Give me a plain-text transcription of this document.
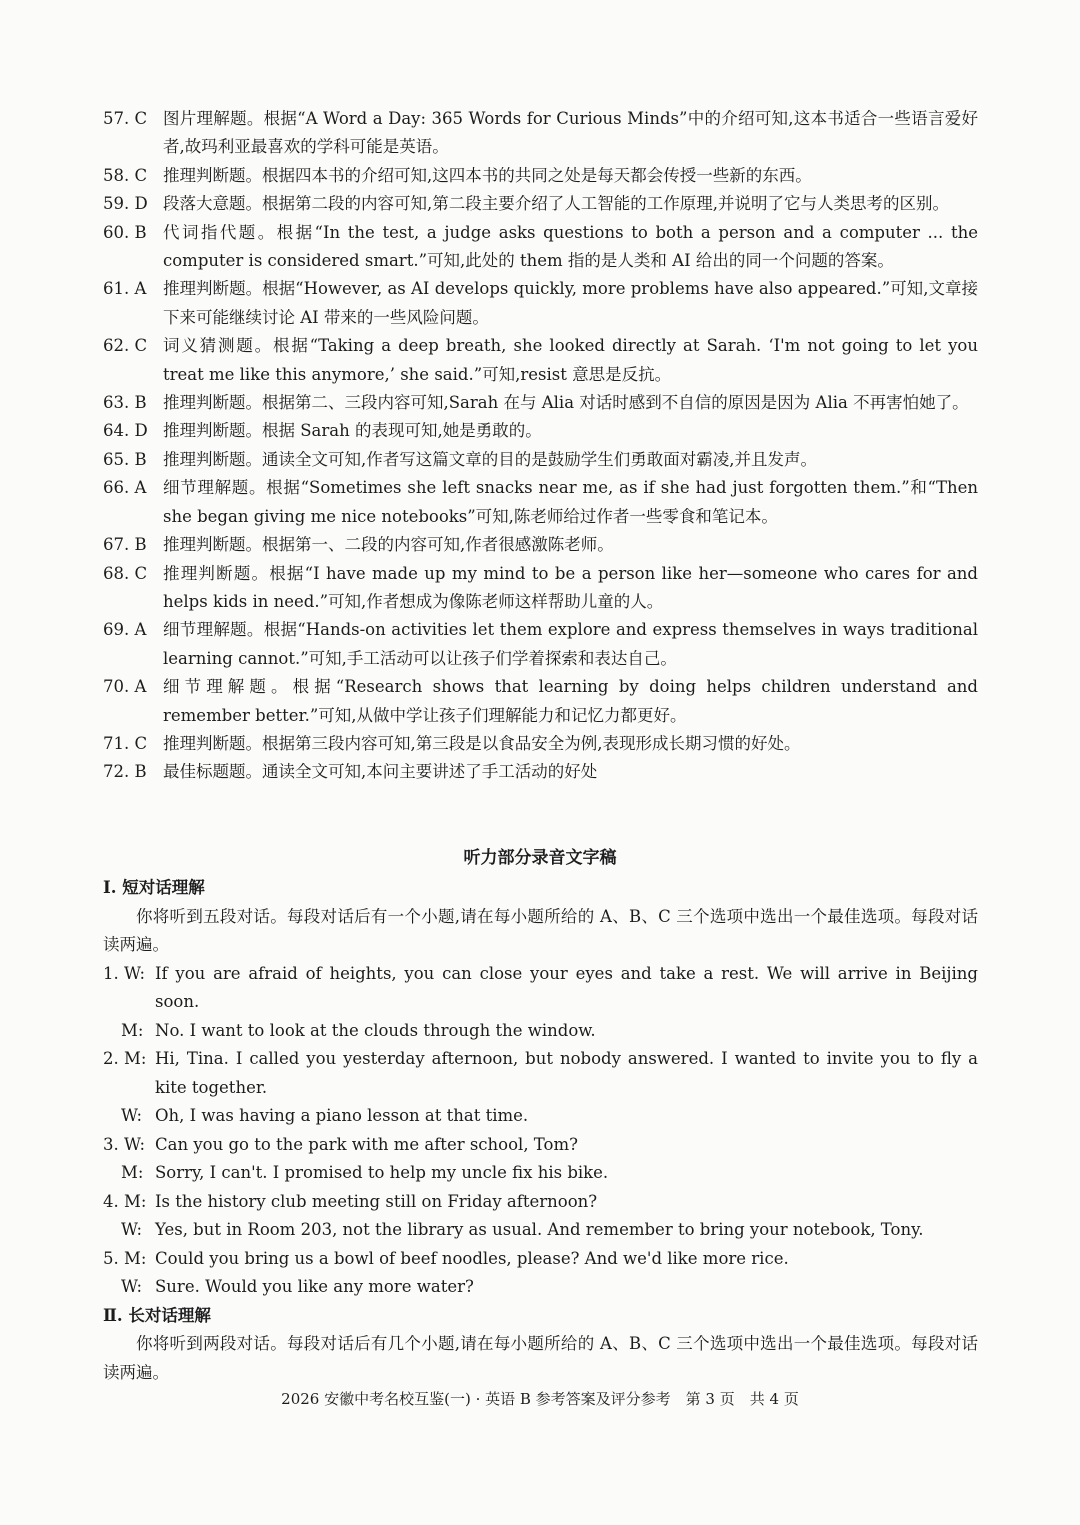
57. C 图片理解题。根据“A Word a Day: 365 Words for Curious Minds”中的介绍可知,这本书适合一些语言爱好者,故玛利亚最喜欢的学科可能是英语。
58. C 推理判断题。根据四本书的介绍可知,这四本书的共同之处是每天都会传授一些新的东西。
59. D 段落大意题。根据第二段的内容可知,第二段主要介绍了人工智能的工作原理,并说明了它与人类思考的区别。
60. B 代词指代题。根据“In the test, a judge asks questions to both a person and a computer ... the computer is considered smart.”可知,此处的 them 指的是人类和 AI 给出的同一个问题的答案。
61. A	推理判断题。根据“However, as AI develops quickly, more problems have also appeared.”可知,文章接下来可能继续讨论 AI 带来的一些风险问题。
62. C 词义猜测题。根据“Taking a deep breath, she looked directly at Sarah. ‘I'm not going to let you treat me like this anymore,’ she said.”可知,resist 意思是反抗。
63. B 推理判断题。根据第二、三段内容可知,Sarah 在与 Alia 对话时感到不自信的原因是因为 Alia 不再害怕她了。
64. D 推理判断题。根据 Sarah 的表现可知,她是勇敢的。
65. B 推理判断题。通读全文可知,作者写这篇文章的目的是鼓励学生们勇敢面对霸凌,并且发声。
66. A	细节理解题。根据“Sometimes she left snacks near me, as if she had just forgotten them.”和“Then she began giving me nice notebooks”可知,陈老师给过作者一些零食和笔记本。
67. B 推理判断题。根据第一、二段的内容可知,作者很感激陈老师。
68. C 推理判断题。根据“I have made up my mind to be a person like her—someone who cares for and helps kids in need.”可知,作者想成为像陈老师这样帮助儿童的人。
69. A	细节理解题。根据“Hands-on activities let them explore and express themselves in ways traditional learning cannot.”可知,手工活动可以让孩子们学着探索和表达自己。
70. A	细节理解题。根据“Research shows that learning by doing helps children understand and remember better.”可知,从做中学让孩子们理解能力和记忆力都更好。
71. C 推理判断题。根据第三段内容可知,第三段是以食品安全为例,表现形成长期习惯的好处。
72. B 最佳标题题。通读全文可知,本问主要讲述了手工活动的好处
听力部分录音文字稿
Ⅰ. 短对话理解
你将听到五段对话。每段对话后有一个小题,请在每小题所给的 A、B、C 三个选项中选出一个最佳选项。每段对话读两遍。
1. W: If you are afraid of heights, you can close your eyes and take a rest. We will arrive in Beijing soon.
M: No. I want to look at the clouds through the window.
2. M: Hi, Tina. I called you yesterday afternoon, but nobody answered. I wanted to invite you to fly a kite together.
W: Oh, I was having a piano lesson at that time.
3. W: Can you go to the park with me after school, Tom?
M: Sorry, I can't. I promised to help my uncle fix his bike.
4. M: Is the history club meeting still on Friday afternoon?
W: Yes, but in Room 203, not the library as usual. And remember to bring your notebook, Tony.
5. M: Could you bring us a bowl of beef noodles, please? And we'd like more rice.
W: Sure. Would you like any more water?
Ⅱ. 长对话理解
你将听到两段对话。每段对话后有几个小题,请在每小题所给的 A、B、C 三个选项中选出一个最佳选项。每段对话读两遍。
2026 安徽中考名校互鉴(一) · 英语 B 参考答案及评分参考　第 3 页　共 4 页
